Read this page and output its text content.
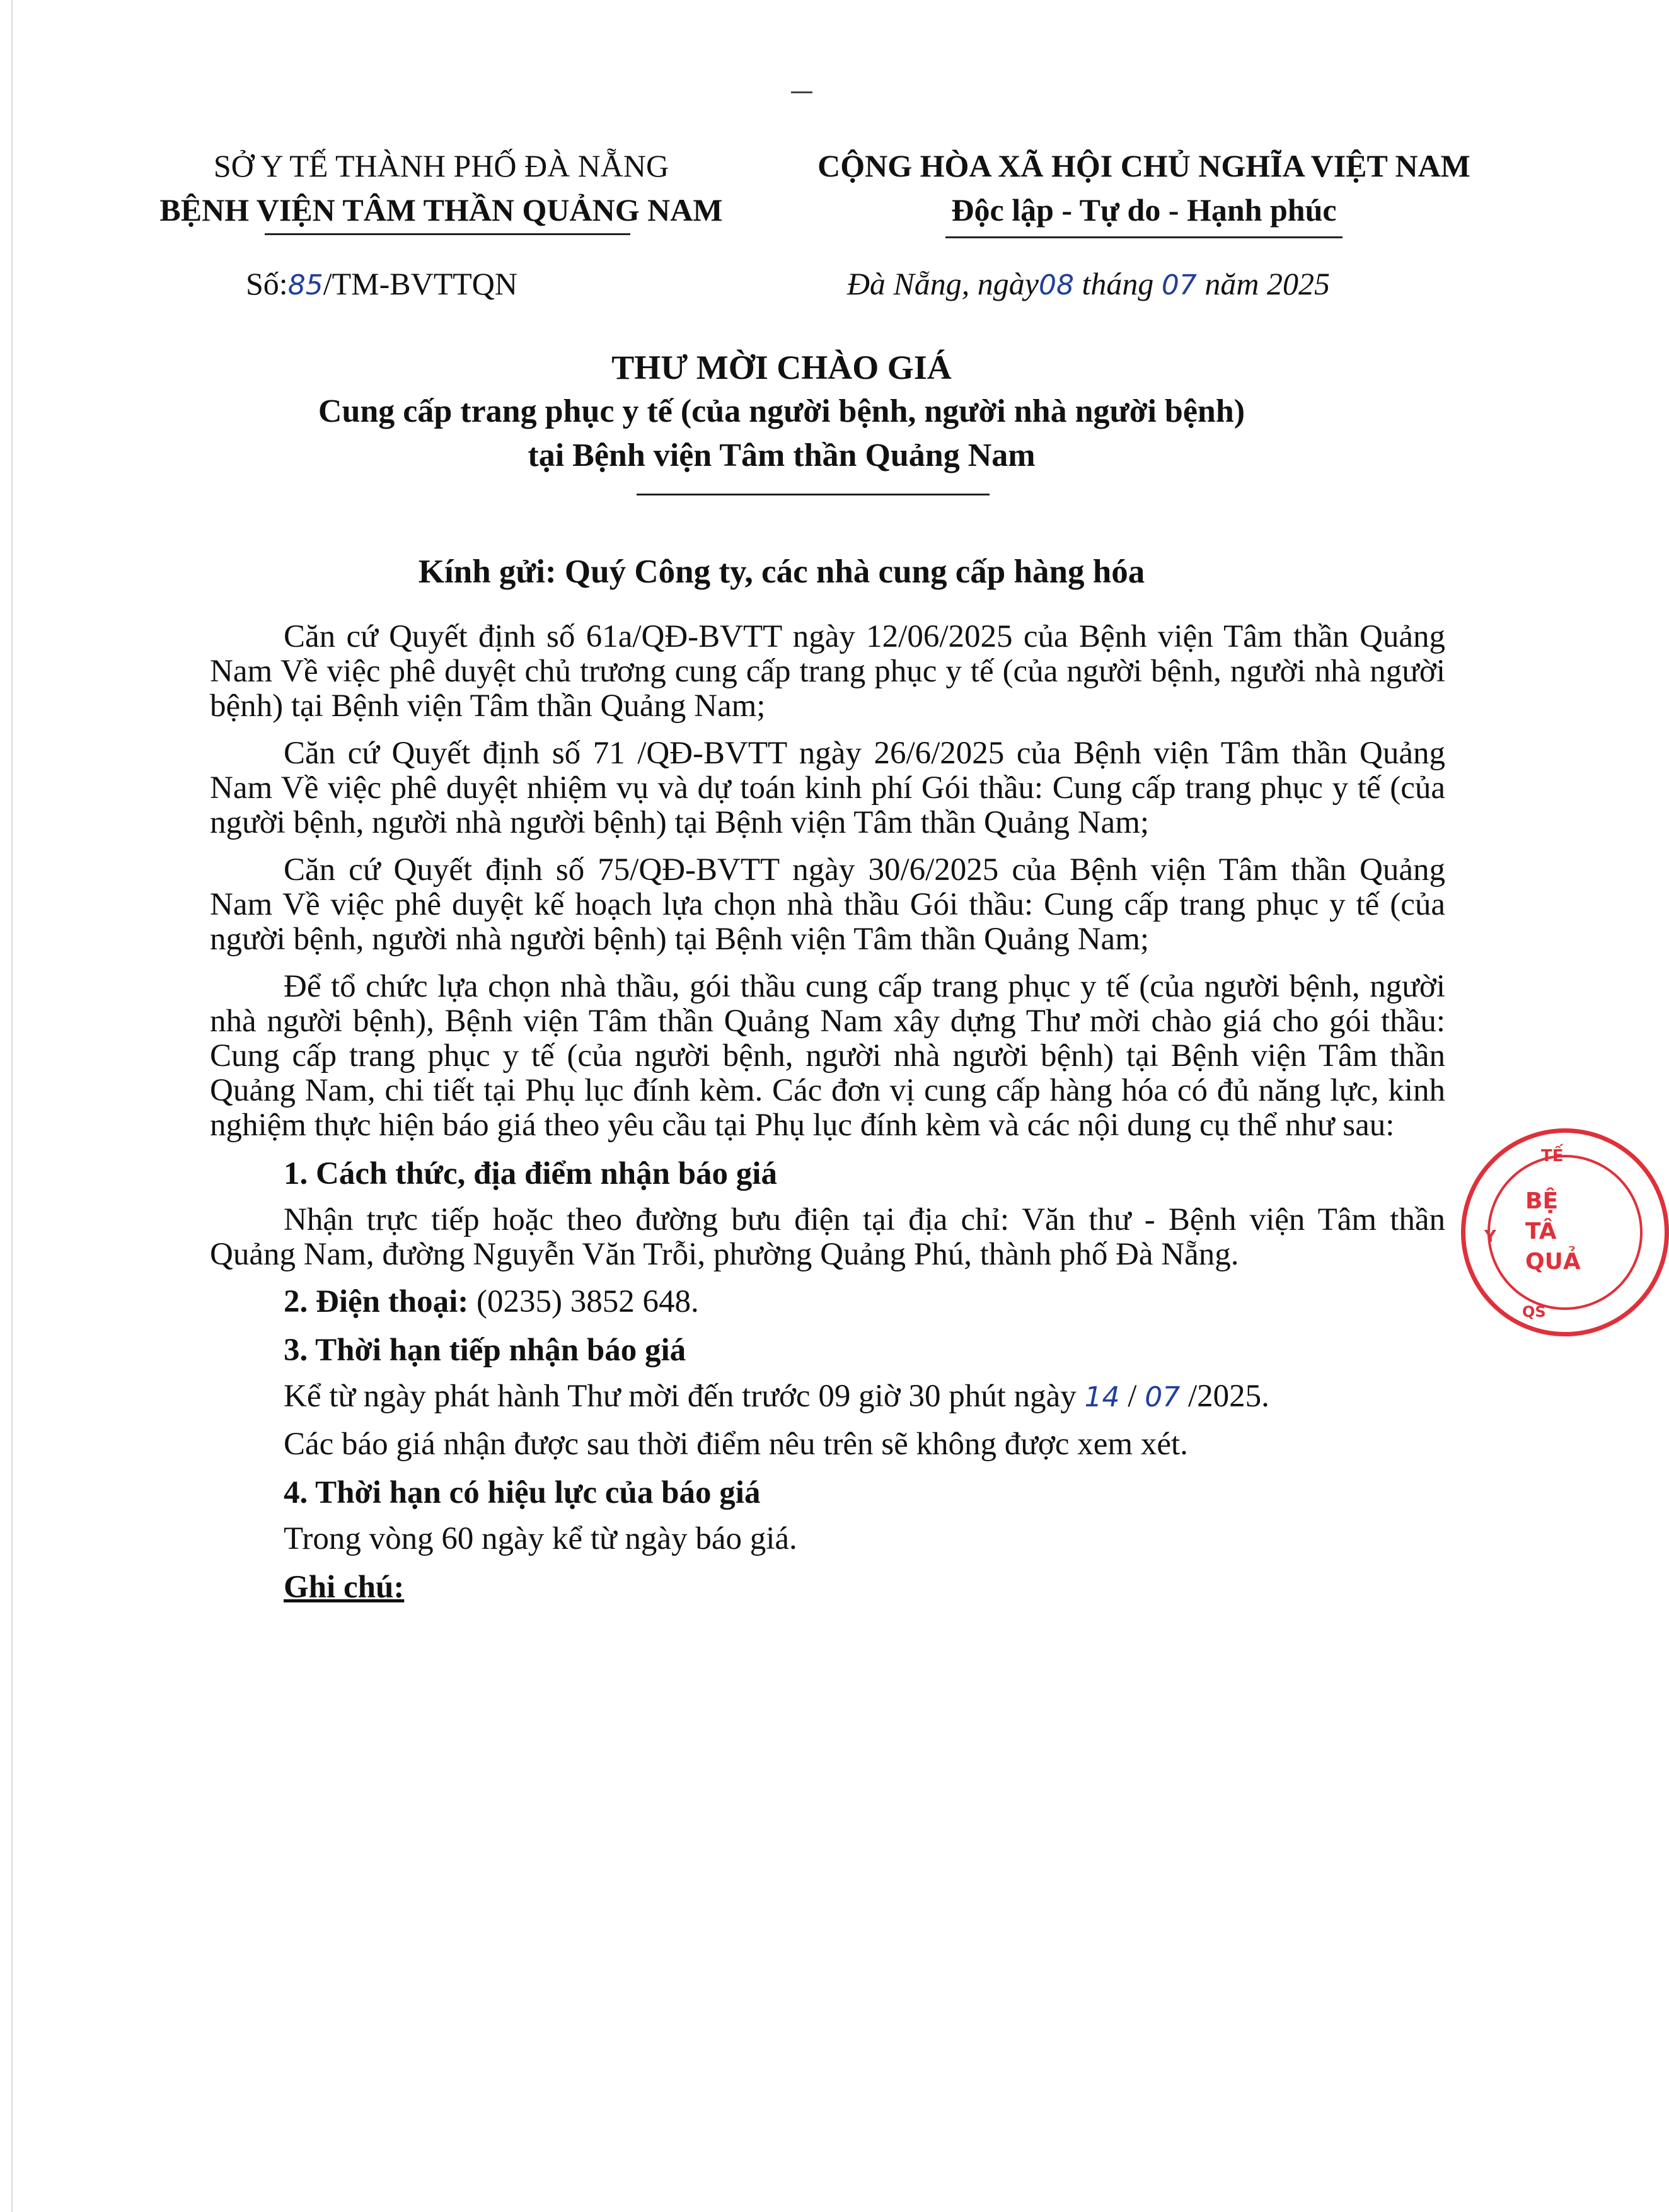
SỞ Y TẾ THÀNH PHỐ ĐÀ NẴNG
BỆNH VIỆN TÂM THẦN QUẢNG NAM
CỘNG HÒA XÃ HỘI CHỦ NGHĨA VIỆT NAM
Độc lập - Tự do - Hạnh phúc
Số:85/TM-BVTTQN	Đà Nẵng, ngày08 tháng 07 năm 2025
THƯ MỜI CHÀO GIÁ
Cung cấp trang phục y tế (của người bệnh, người nhà người bệnh)
tại Bệnh viện Tâm thần Quảng Nam
Kính gửi: Quý Công ty, các nhà cung cấp hàng hóa

Căn cứ Quyết định số 61a/QĐ-BVTT ngày 12/06/2025 của Bệnh viện Tâm thần Quảng Nam Về việc phê duyệt chủ trương cung cấp trang phục y tế (của người bệnh, người nhà người bệnh) tại Bệnh viện Tâm thần Quảng Nam;

Căn cứ Quyết định số 71 /QĐ-BVTT ngày 26/6/2025 của Bệnh viện Tâm thần Quảng Nam Về việc phê duyệt nhiệm vụ và dự toán kinh phí Gói thầu: Cung cấp trang phục y tế (của người bệnh, người nhà người bệnh) tại Bệnh viện Tâm thần Quảng Nam;

Căn cứ Quyết định số 75/QĐ-BVTT ngày 30/6/2025 của Bệnh viện Tâm thần Quảng Nam Về việc phê duyệt kế hoạch lựa chọn nhà thầu Gói thầu: Cung cấp trang phục y tế (của người bệnh, người nhà người bệnh) tại Bệnh viện Tâm thần Quảng Nam;

Để tổ chức lựa chọn nhà thầu, gói thầu cung cấp trang phục y tế (của người bệnh, người nhà người bệnh), Bệnh viện Tâm thần Quảng Nam xây dựng Thư mời chào giá cho gói thầu: Cung cấp trang phục y tế (của người bệnh, người nhà người bệnh) tại Bệnh viện Tâm thần Quảng Nam, chi tiết tại Phụ lục đính kèm. Các đơn vị cung cấp hàng hóa có đủ năng lực, kinh nghiệm thực hiện báo giá theo yêu cầu tại Phụ lục đính kèm và các nội dung cụ thể như sau:

1. Cách thức, địa điểm nhận báo giá

Nhận trực tiếp hoặc theo đường bưu điện tại địa chỉ: Văn thư - Bệnh viện Tâm thần Quảng Nam, đường Nguyễn Văn Trỗi, phường Quảng Phú, thành phố Đà Nẵng.

2. Điện thoại: (0235) 3852 648.
3. Thời hạn tiếp nhận báo giá
Kể từ ngày phát hành Thư mời đến trước 09 giờ 30 phút ngày 14 / 07 /2025.
Các báo giá nhận được sau thời điểm nêu trên sẽ không được xem xét.
4. Thời hạn có hiệu lực của báo giá
Trong vòng 60 ngày kể từ ngày báo giá.
Ghi chú:
TẾ
Y
QS
BỆ
TÂ
QUẢ
